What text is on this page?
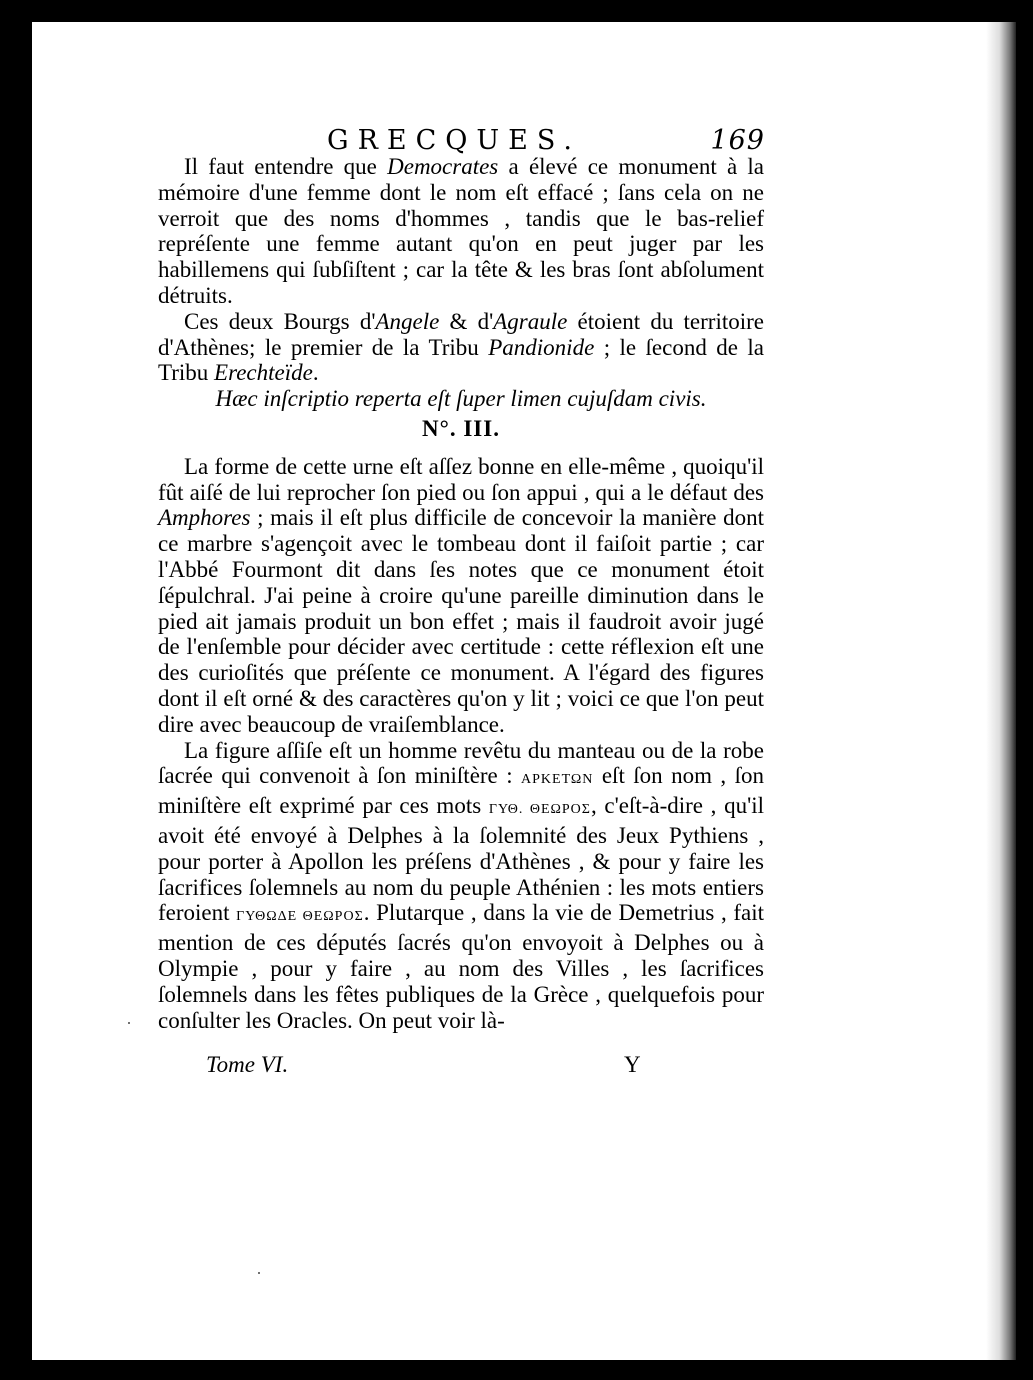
GRECQUES.	169

Il faut entendre que Democrates a élevé ce monument à la mémoire d'une femme dont le nom eſt effacé ; ſans cela on ne verroit que des noms d'hommes , tandis que le bas-relief repréſente une femme autant qu'on en peut juger par les habillemens qui ſubſiſtent ; car la tête & les bras ſont abſolument détruits.

Ces deux Bourgs d'Angele & d'Agraule étoient du territoire d'Athènes; le premier de la Tribu Pandionide ; le ſecond de la Tribu Erechteïde.

Hæc inſcriptio reperta eſt ſuper limen cujuſdam civis.

N°. III.

La forme de cette urne eſt aſſez bonne en elle-même , quoiqu'il fût aiſé de lui reprocher ſon pied ou ſon appui , qui a le défaut des Amphores ; mais il eſt plus difficile de concevoir la manière dont ce marbre s'agençoit avec le tombeau dont il faiſoit partie ; car l'Abbé Fourmont dit dans ſes notes que ce monument étoit ſépulchral. J'ai peine à croire qu'une pareille diminution dans le pied ait jamais produit un bon effet ; mais il faudroit avoir jugé de l'enſemble pour décider avec certitude : cette réflexion eſt une des curioſités que préſente ce monument. A l'égard des figures dont il eſt orné & des caractères qu'on y lit ; voici ce que l'on peut dire avec beaucoup de vraiſemblance.

La figure aſſiſe eſt un homme revêtu du manteau ou de la robe ſacrée qui convenoit à ſon miniſtère : ΑΡΚΕΤΩΝ eſt ſon nom , ſon miniſtère eſt exprimé par ces mots ΓΥΘ. ΘΕΩΡΟΣ, c'eſt-à-dire , qu'il avoit été envoyé à Delphes à la ſolemnité des Jeux Pythiens , pour porter à Apollon les préſens d'Athènes , & pour y faire les ſacrifices ſolemnels au nom du peuple Athénien : les mots entiers feroient ΓΥΘΩΔΕ ΘΕΩΡΟΣ. Plutarque , dans la vie de Demetrius , fait mention de ces députés ſacrés qu'on envoyoit à Delphes ou à Olympie , pour y faire , au nom des Villes , les ſacrifices ſolemnels dans les fêtes publiques de la Grèce , quelquefois pour conſulter les Oracles. On peut voir là-

Tome VI.	Y
